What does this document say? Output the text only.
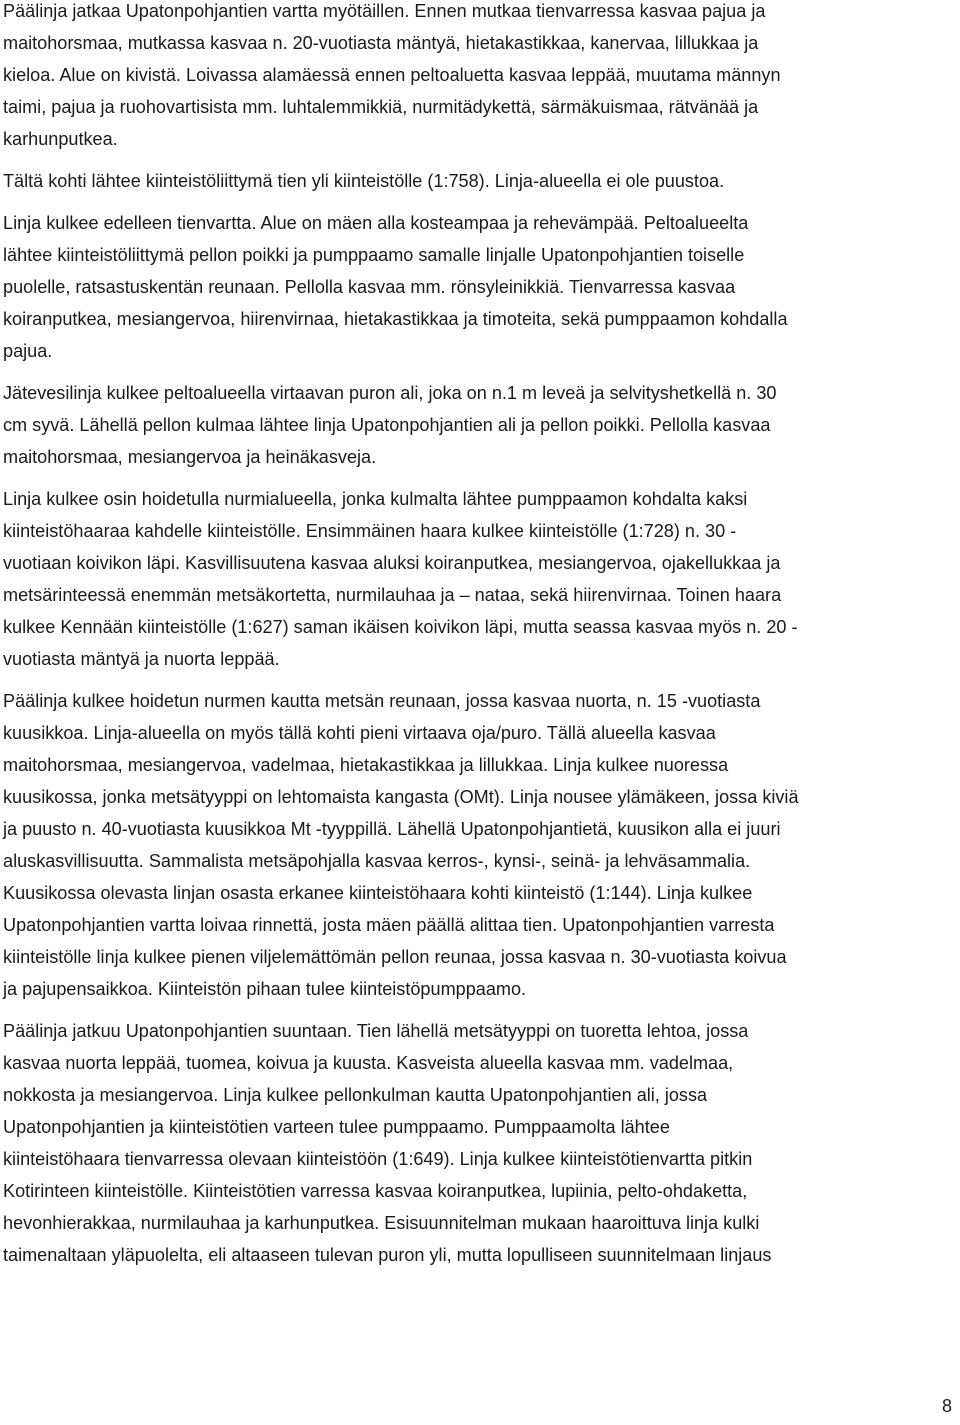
Päälinja jatkaa Upatonpohjantien vartta myötäillen. Ennen mutkaa tienvarressa kasvaa pajua ja
maitohorsmaa, mutkassa kasvaa n. 20-vuotiasta mäntyä, hietakastikkaa, kanervaa, lillukkaa ja
kieloa. Alue on kivistä. Loivassa alamäessä ennen peltoaluetta kasvaa leppää, muutama männyn
taimi, pajua ja ruohovartisista mm. luhtalemmikkiä, nurmitädykettä, särmäkuismaa, rätvänää ja
karhunputkea.

Tältä kohti lähtee kiinteistöliittymä tien yli kiinteistölle (1:758). Linja-alueella ei ole puustoa.

Linja kulkee edelleen tienvartta. Alue on mäen alla kosteampaa ja rehevämpää. Peltoalueelta
lähtee kiinteistöliittymä pellon poikki ja pumppaamo samalle linjalle Upatonpohjantien toiselle
puolelle, ratsastuskentän reunaan. Pellolla kasvaa mm. rönsyleinikkiä. Tienvarressa kasvaa
koiranputkea, mesiangervoa, hiirenvirnaa, hietakastikkaa ja timoteita, sekä pumppaamon kohdalla
pajua.

Jätevesilinja kulkee peltoalueella virtaavan puron ali, joka on n.1 m leveä ja selvityshetkellä n. 30
cm syvä. Lähellä pellon kulmaa lähtee linja Upatonpohjantien ali ja pellon poikki. Pellolla kasvaa
maitohorsmaa, mesiangervoa ja heinäkasveja.

Linja kulkee osin hoidetulla nurmialueella, jonka kulmalta lähtee pumppaamon kohdalta kaksi
kiinteistöhaaraa kahdelle kiinteistölle. Ensimmäinen haara kulkee kiinteistölle (1:728) n. 30 -
vuotiaan koivikon läpi. Kasvillisuutena kasvaa aluksi koiranputkea, mesiangervoa, ojakellukkaa ja
metsärinteessä enemmän metsäkortetta, nurmilauhaa ja – nataa, sekä hiirenvirnaa. Toinen haara
kulkee Kennään kiinteistölle (1:627) saman ikäisen koivikon läpi, mutta seassa kasvaa myös n. 20 -
vuotiasta mäntyä ja nuorta leppää.

Päälinja kulkee hoidetun nurmen kautta metsän reunaan, jossa kasvaa nuorta, n. 15 -vuotiasta
kuusikkoa. Linja-alueella on myös tällä kohti pieni virtaava oja/puro. Tällä alueella kasvaa
maitohorsmaa, mesiangervoa, vadelmaa, hietakastikkaa ja lillukkaa. Linja kulkee nuoressa
kuusikossa, jonka metsätyyppi on lehtomaista kangasta (OMt). Linja nousee ylämäkeen, jossa kiviä
ja puusto n. 40-vuotiasta kuusikkoa Mt -tyyppillä. Lähellä Upatonpohjantietä, kuusikon alla ei juuri
aluskasvillisuutta. Sammalista metsäpohjalla kasvaa kerros-, kynsi-, seinä- ja lehväsammalia.
Kuusikossa olevasta linjan osasta erkanee kiinteistöhaara kohti kiinteistö (1:144). Linja kulkee
Upatonpohjantien vartta loivaa rinnettä, josta mäen päällä alittaa tien. Upatonpohjantien varresta
kiinteistölle linja kulkee pienen viljelemättömän pellon reunaa, jossa kasvaa n. 30-vuotiasta koivua
ja pajupensaikkoa. Kiinteistön pihaan tulee kiinteistöpumppaamo.

Päälinja jatkuu Upatonpohjantien suuntaan. Tien lähellä metsätyyppi on tuoretta lehtoa, jossa
kasvaa nuorta leppää, tuomea, koivua ja kuusta. Kasveista alueella kasvaa mm. vadelmaa,
nokkosta ja mesiangervoa. Linja kulkee pellonkulman kautta Upatonpohjantien ali, jossa
Upatonpohjantien ja kiinteistötien varteen tulee pumppaamo. Pumppaamolta lähtee
kiinteistöhaara tienvarressa olevaan kiinteistöön (1:649). Linja kulkee kiinteistötienvartta pitkin
Kotirinteen kiinteistölle. Kiinteistötien varressa kasvaa koiranputkea, lupiinia, pelto-ohdaketta,
hevonhierakkaa, nurmilauhaa ja karhunputkea. Esisuunnitelman mukaan haaroittuva linja kulki
taimenaltaan yläpuolelta, eli altaaseen tulevan puron yli, mutta lopulliseen suunnitelmaan linjaus

8
